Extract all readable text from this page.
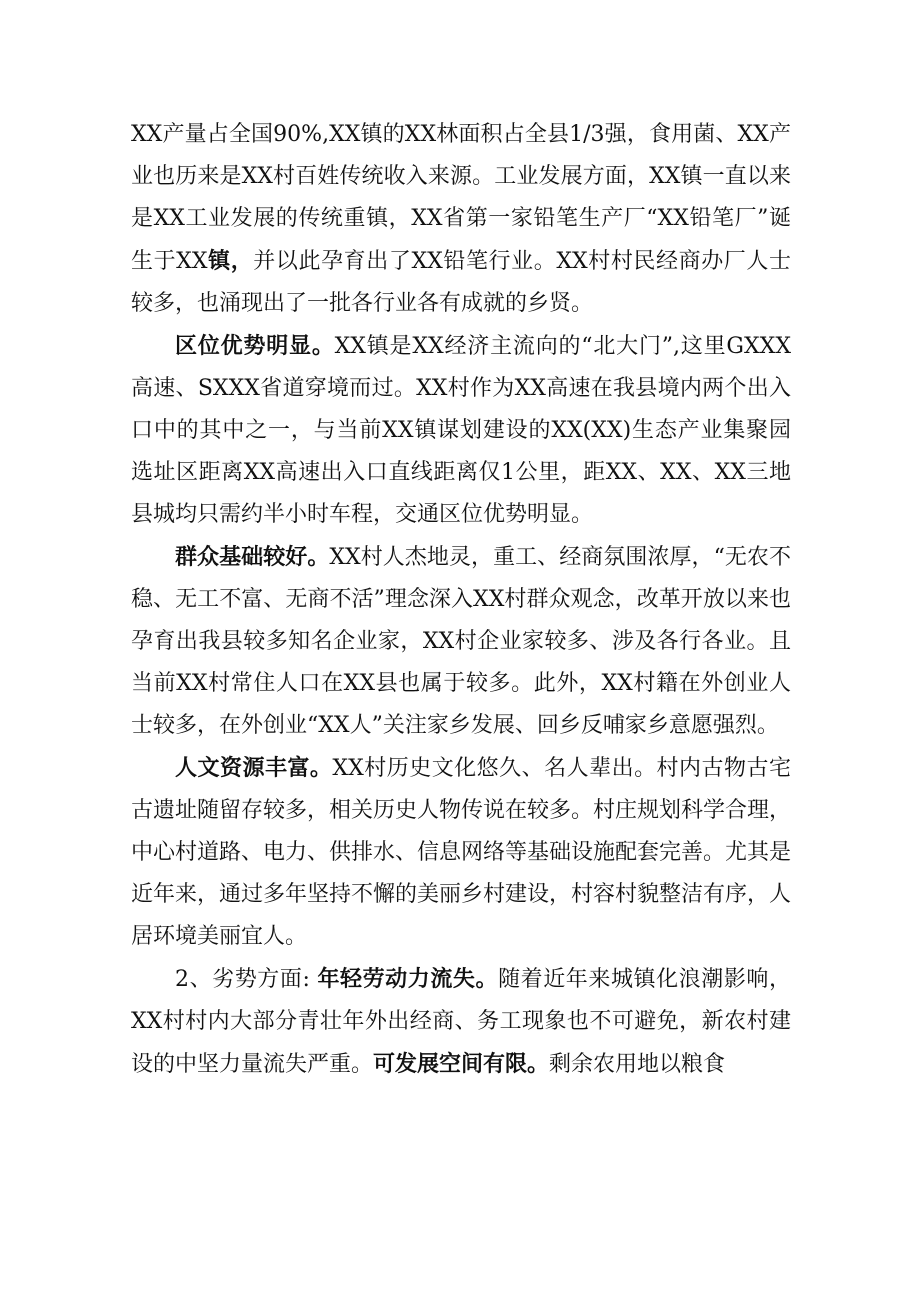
XX产量占全国90%,XX镇的XX林面积占全县1/3强，食用菌、XX产业也历来是XX村百姓传统收入来源。工业发展方面，XX镇一直以来是XX工业发展的传统重镇，XX省第一家铅笔生产厂“XX铅笔厂”诞生于XX镇，并以此孕育出了XX铅笔行业。XX村村民经商办厂人士较多，也涌现出了一批各行业各有成就的乡贤。

区位优势明显。XX镇是XX经济主流向的“北大门”,这里GXXX高速、SXXX省道穿境而过。XX村作为XX高速在我县境内两个出入口中的其中之一，与当前XX镇谋划建设的XX(XX)生态产业集聚园选址区距离XX高速出入口直线距离仅1公里，距XX、XX、XX三地县城均只需约半小时车程，交通区位优势明显。

群众基础较好。XX村人杰地灵，重工、经商氛围浓厚，“无农不稳、无工不富、无商不活”理念深入XX村群众观念，改革开放以来也孕育出我县较多知名企业家，XX村企业家较多、涉及各行各业。且当前XX村常住人口在XX县也属于较多。此外，XX村籍在外创业人士较多，在外创业“XX人”关注家乡发展、回乡反哺家乡意愿强烈。

人文资源丰富。XX村历史文化悠久、名人辈出。村内古物古宅古遗址随留存较多，相关历史人物传说在较多。村庄规划科学合理，中心村道路、电力、供排水、信息网络等基础设施配套完善。尤其是近年来，通过多年坚持不懈的美丽乡村建设，村容村貌整洁有序，人居环境美丽宜人。

2、劣势方面: 年轻劳动力流失。随着近年来城镇化浪潮影响，XX村村内大部分青壮年外出经商、务工现象也不可避免，新农村建设的中坚力量流失严重。可发展空间有限。剩余农用地以粮食
